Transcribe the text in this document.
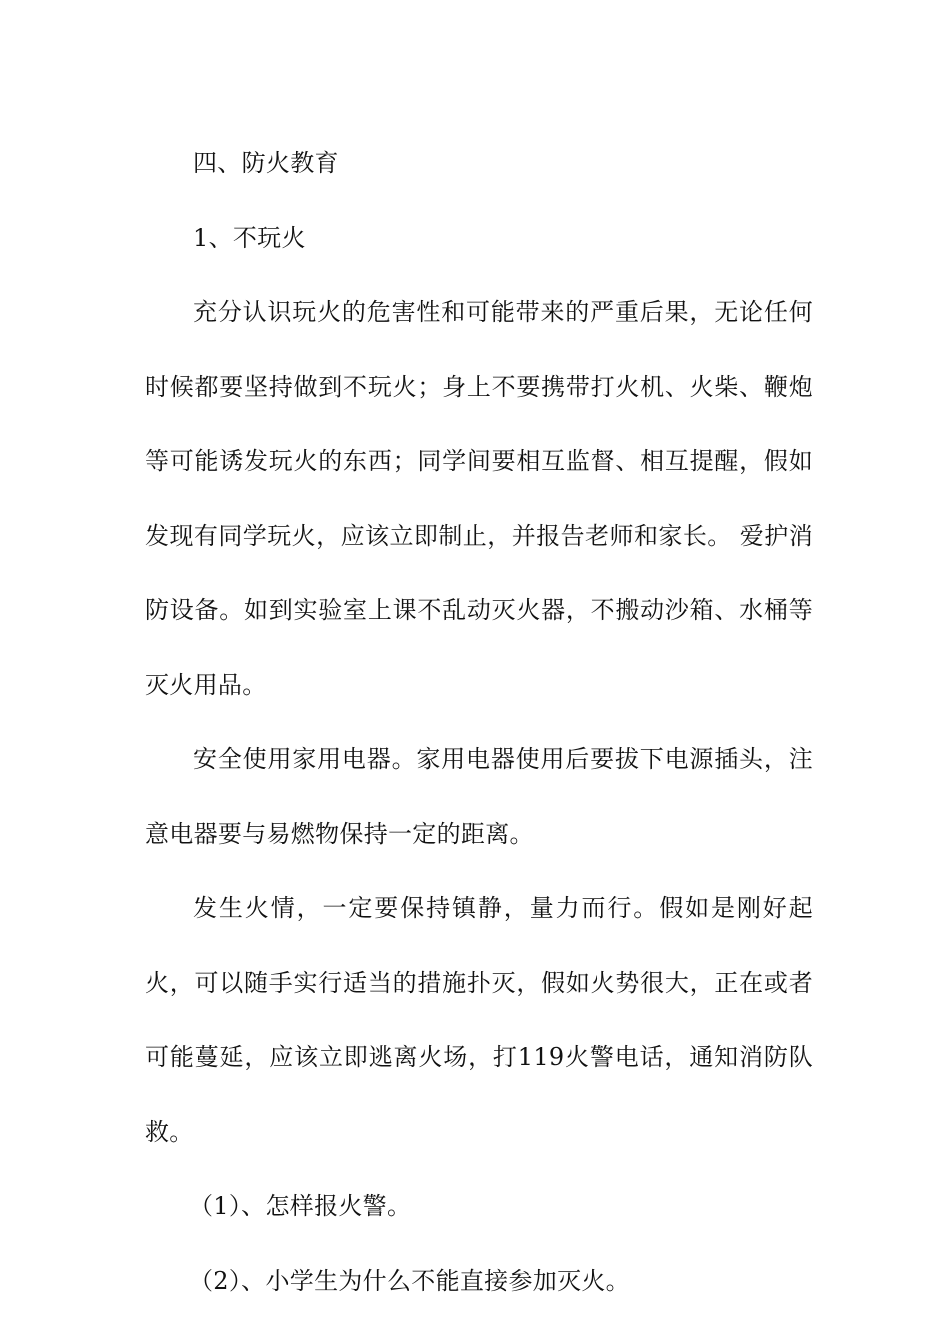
四、防火教育

1、不玩火

充分认识玩火的危害性和可能带来的严重后果，无论任何时候都要坚持做到不玩火；身上不要携带打火机、火柴、鞭炮等可能诱发玩火的东西；同学间要相互监督、相互提醒，假如发现有同学玩火，应该立即制止，并报告老师和家长。 爱护消防设备。如到实验室上课不乱动灭火器，不搬动沙箱、水桶等灭火用品。

安全使用家用电器。家用电器使用后要拔下电源插头，注意电器要与易燃物保持一定的距离。

发生火情，一定要保持镇静，量力而行。假如是刚好起火，可以随手实行适当的措施扑灭，假如火势很大，正在或者可能蔓延，应该立即逃离火场，打119火警电话，通知消防队救。

（1）、怎样报火警。

（2）、小学生为什么不能直接参加灭火。
